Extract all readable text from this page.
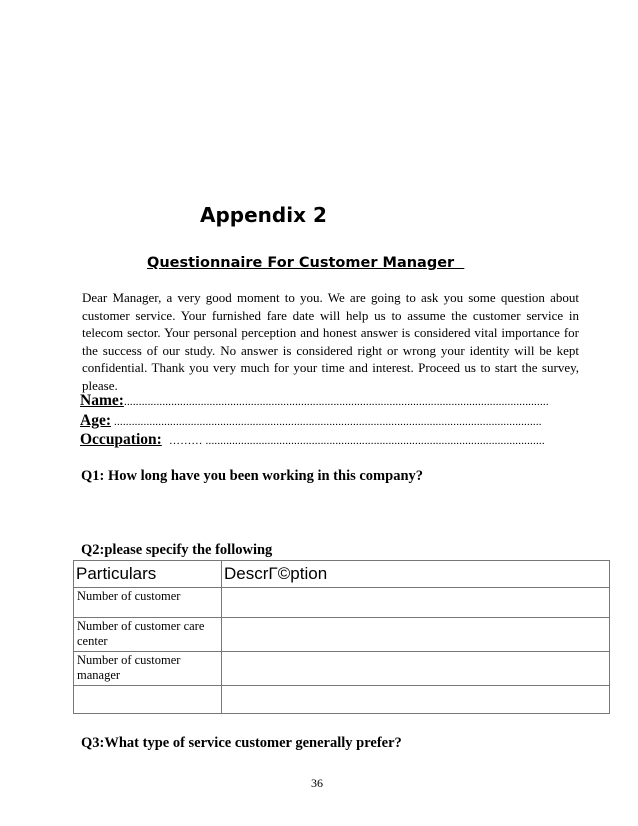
Appendix 2
Questionnaire For Customer Manager
Dear Manager, a very good moment to you. We are going to ask you some question about customer service. Your furnished fare date will help us to assume the customer service in telecom sector. Your personal perception and honest answer is considered vital importance for the success of our study. No answer is considered right or wrong your identity will be kept confidential. Thank you very much for your time and interest. Proceed us to start the survey, please.
Name: ................................................................................................................................................
Age: .................................................................................................................................................
Occupation: ……… ...................................................................................................................
Q1: How long have you been working in this company?
Q2:please specify the following
Particulars	DescrΓ©ption
Number of customer	
Number of customer care center	
Number of customer manager	

Q3:What type of service customer generally prefer?
36
